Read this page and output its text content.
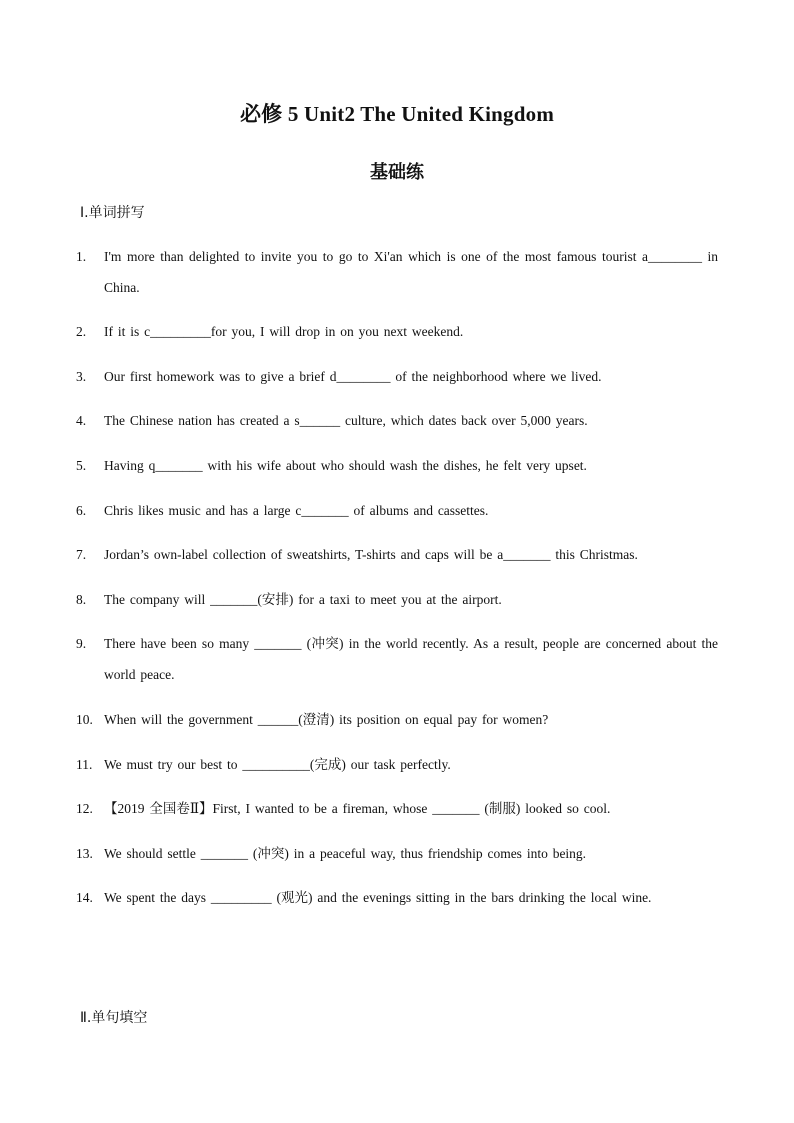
必修 5 Unit2 The United Kingdom
基础练
Ⅰ.单词拼写
1. I'm more than delighted to invite you to go to Xi'an which is one of the most famous tourist a________ in China.
2. If it is c_________for you, I will drop in on you next weekend.
3. Our first homework was to give a brief d________ of the neighborhood where we lived.
4. The Chinese nation has created a s______ culture, which dates back over 5,000 years.
5. Having q_______ with his wife about who should wash the dishes, he felt very upset.
6. Chris likes music and has a large c_______ of albums and cassettes.
7. Jordan’s own-label collection of sweatshirts, T-shirts and caps will be a_______ this Christmas.
8. The company will _______(安排) for a taxi to meet you at the airport.
9. There have been so many _______ (冲突) in the world recently. As a result, people are concerned about the world peace.
10. When will the government ______(澄清) its position on equal pay for women?
11. We must try our best to __________(完成) our task perfectly.
12. 【2019 全国卷Ⅱ】First, I wanted to be a fireman, whose _______ (制服) looked so cool.
13. We should settle _______ (冲突) in a peaceful way, thus friendship comes into being.
14. We spent the days _________ (观光) and the evenings sitting in the bars drinking the local wine.
Ⅱ.单句填空
